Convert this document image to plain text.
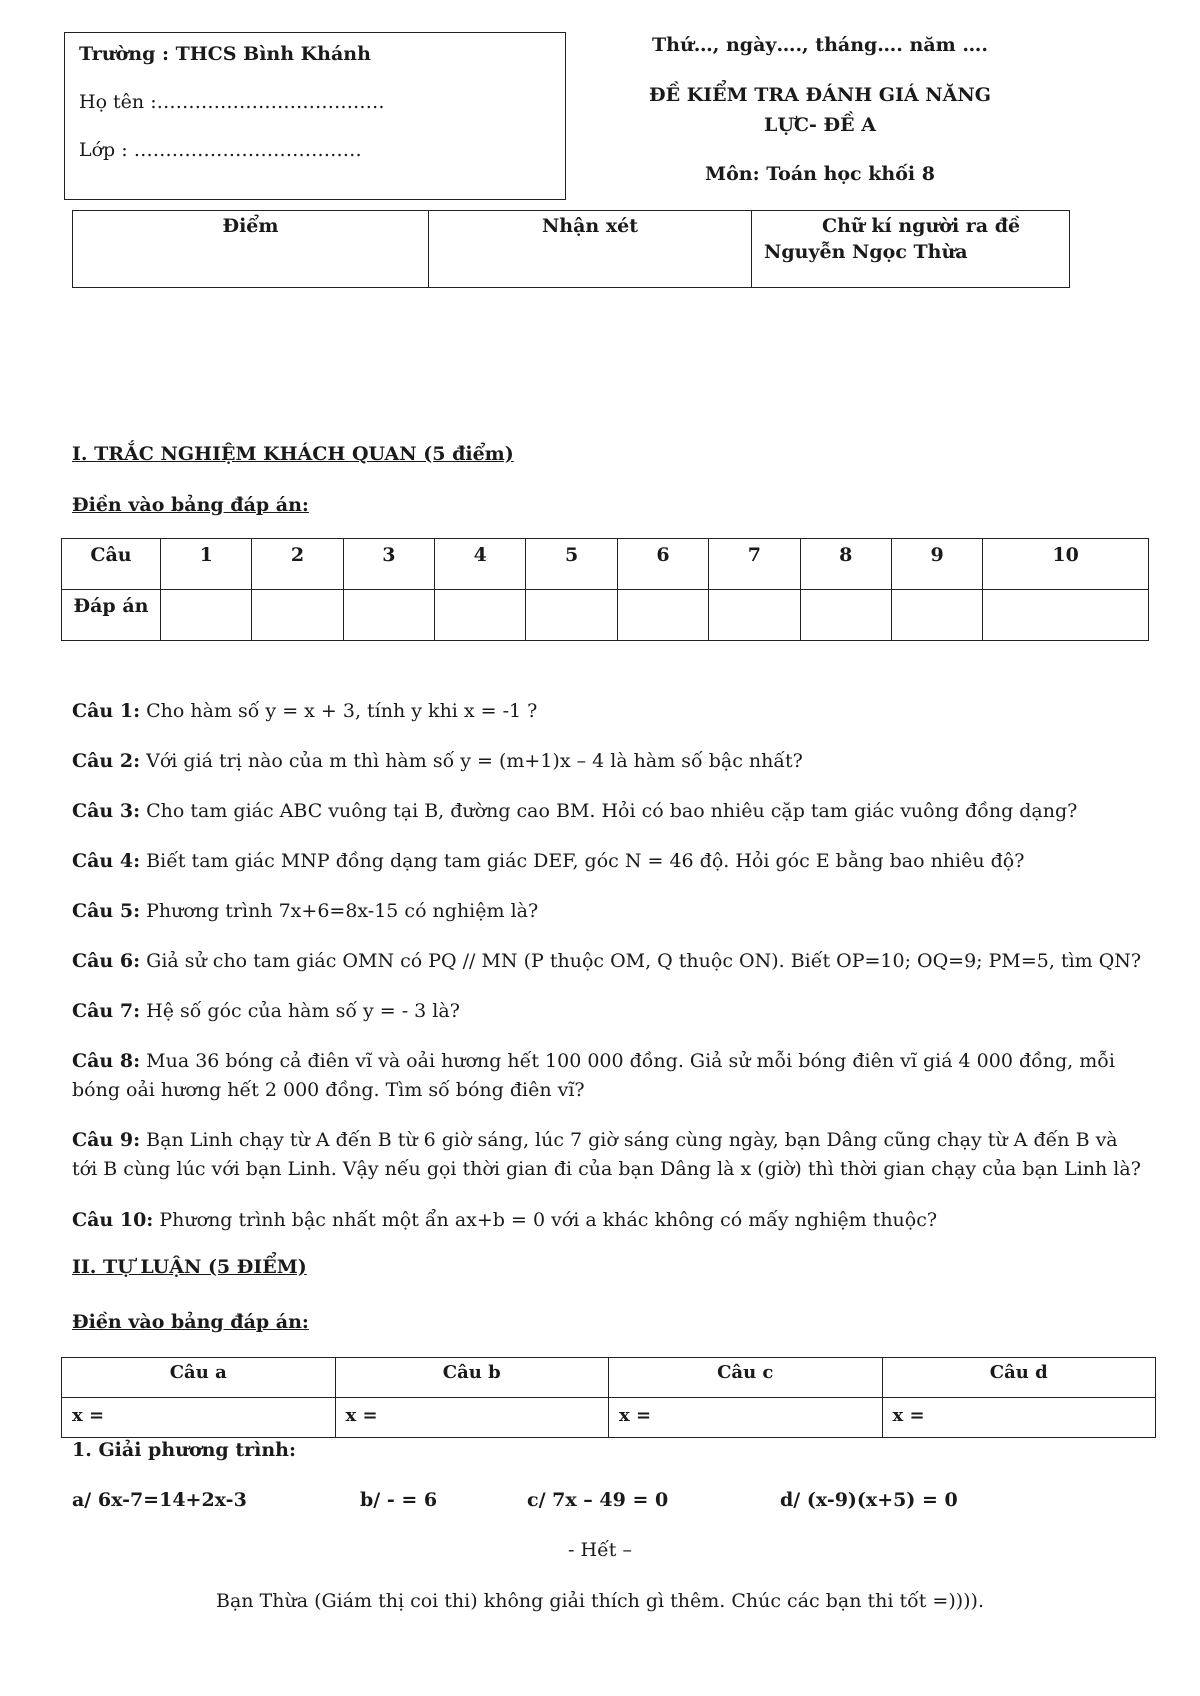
Trường : THCS Bình Khánh
Họ tên :………………………………
Lớp : ………………………………
Thứ…, ngày…., tháng…. năm ….
ĐỀ KIỂM TRA ĐÁNH GIÁ NĂNG
LỰC- ĐỀ A
Môn: Toán học khối 8
Điểm	Nhận xét	Chữ kí người ra đề
Nguyễn Ngọc Thừa
I. TRẮC NGHIỆM KHÁCH QUAN (5 điểm)
Điền vào bảng đáp án:
Câu	1	2	3	4	5	6	7	8	9	10
Đáp án										
Câu 1: Cho hàm số y = x + 3, tính y khi x = -1 ?
Câu 2: Với giá trị nào của m thì hàm số y = (m+1)x – 4 là hàm số bậc nhất?
Câu 3: Cho tam giác ABC vuông tại B, đường cao BM. Hỏi có bao nhiêu cặp tam giác vuông đồng dạng?
Câu 4: Biết tam giác MNP đồng dạng tam giác DEF, góc N = 46 độ. Hỏi góc E bằng bao nhiêu độ?
Câu 5: Phương trình 7x+6=8x-15 có nghiệm là?
Câu 6: Giả sử cho tam giác OMN có PQ // MN (P thuộc OM, Q thuộc ON). Biết OP=10; OQ=9; PM=5, tìm QN?
Câu 7: Hệ số góc của hàm số y = - 3 là?
Câu 8: Mua 36 bóng cả điên vĩ và oải hương hết 100 000 đồng. Giả sử mỗi bóng điên vĩ giá 4 000 đồng, mỗi bóng oải hương hết 2 000 đồng. Tìm số bóng điên vĩ?
Câu 9: Bạn Linh chạy từ A đến B từ 6 giờ sáng, lúc 7 giờ sáng cùng ngày, bạn Dâng cũng chạy từ A đến B và tới B cùng lúc với bạn Linh. Vậy nếu gọi thời gian đi của bạn Dâng là x (giờ) thì thời gian chạy của bạn Linh là?
Câu 10: Phương trình bậc nhất một ẩn ax+b = 0 với a khác không có mấy nghiệm thuộc?
II. TỰ LUẬN (5 ĐIỂM)
Điền vào bảng đáp án:
Câu a	Câu b	Câu c	Câu d
x =	x =	x =	x =
1. Giải phương trình:
a/ 6x-7=14+2x-3	b/ - = 6	c/ 7x – 49 = 0	d/ (x-9)(x+5) = 0
- Hết –
Bạn Thừa (Giám thị coi thi) không giải thích gì thêm. Chúc các bạn thi tốt =)))).
